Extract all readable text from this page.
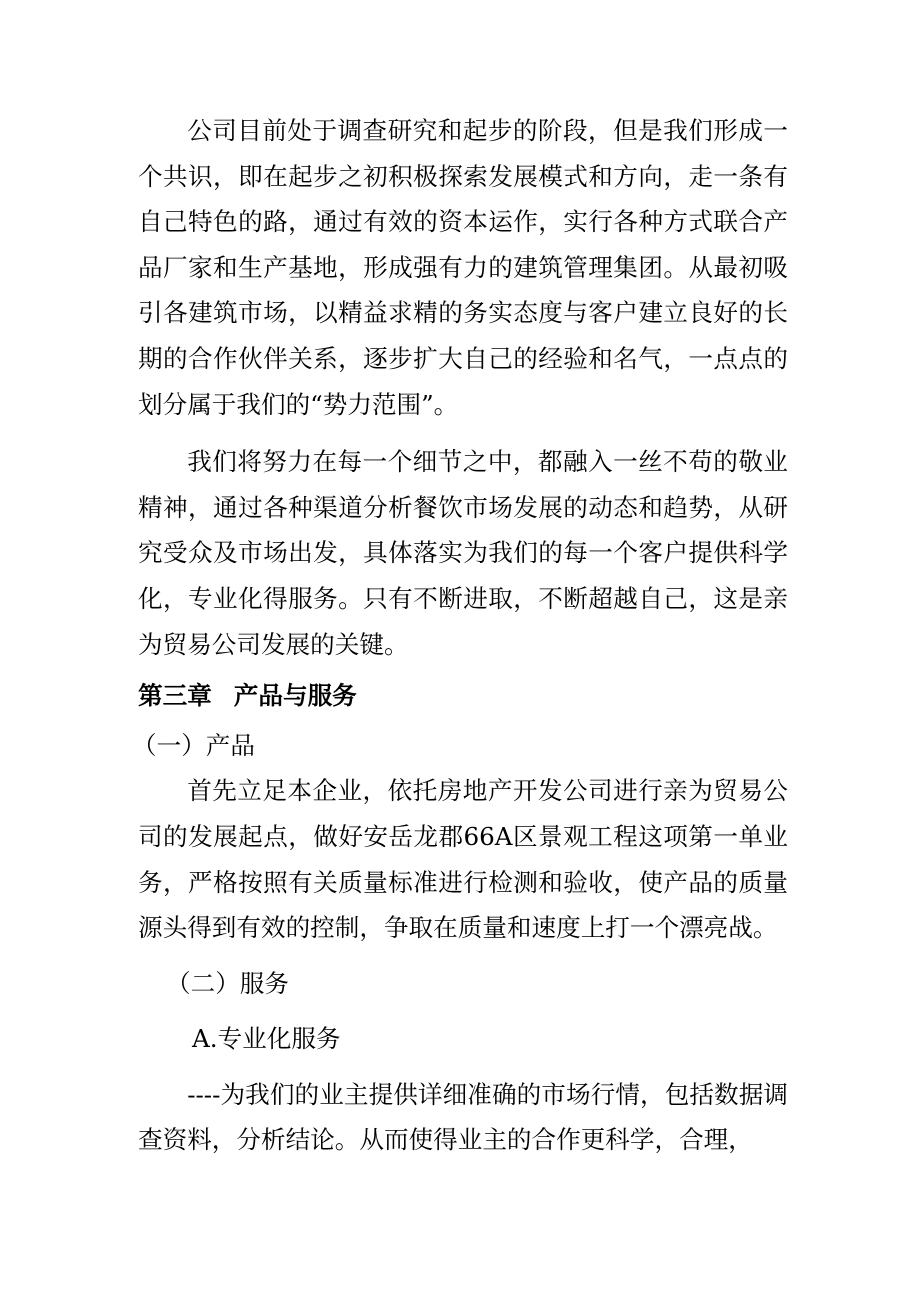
公司目前处于调查研究和起步的阶段，但是我们形成一个共识，即在起步之初积极探索发展模式和方向，走一条有自己特色的路，通过有效的资本运作，实行各种方式联合产品厂家和生产基地，形成强有力的建筑管理集团。从最初吸引各建筑市场，以精益求精的务实态度与客户建立良好的长期的合作伙伴关系，逐步扩大自己的经验和名气，一点点的划分属于我们的“势力范围”。

我们将努力在每一个细节之中，都融入一丝不苟的敬业精神，通过各种渠道分析餐饮市场发展的动态和趋势，从研究受众及市场出发，具体落实为我们的每一个客户提供科学化，专业化得服务。只有不断进取，不断超越自己，这是亲为贸易公司发展的关键。

第三章 产品与服务

（一）产品

首先立足本企业，依托房地产开发公司进行亲为贸易公司的发展起点，做好安岳龙郡66A区景观工程这项第一单业务，严格按照有关质量标准进行检测和验收，使产品的质量源头得到有效的控制，争取在质量和速度上打一个漂亮战。

（二）服务

A.专业化服务

----为我们的业主提供详细准确的市场行情，包括数据调查资料，分析结论。从而使得业主的合作更科学，合理，
